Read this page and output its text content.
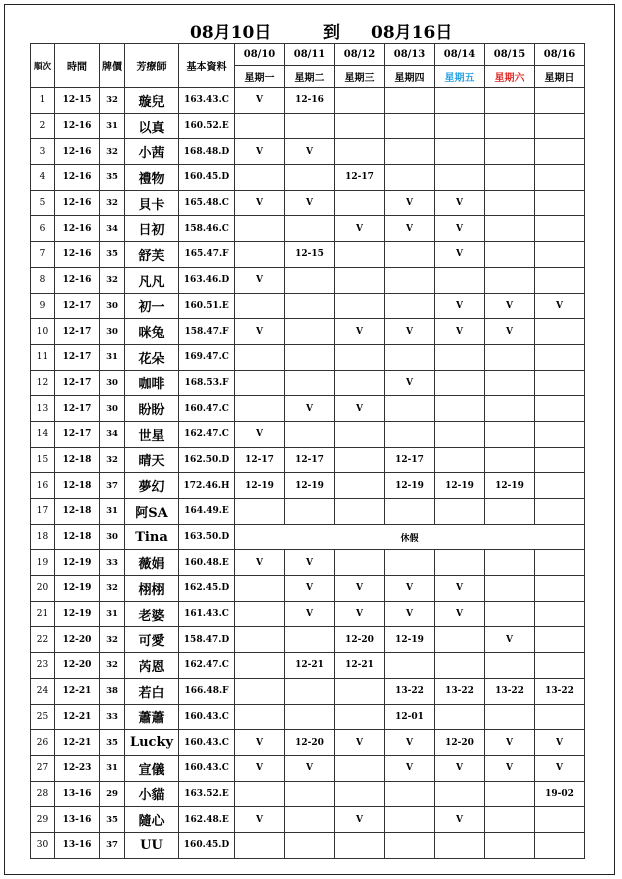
08月10日	到 08月16日
順次	時間	牌價	芳療師	基本資料	08/10	08/11	08/12	08/13	08/14	08/15	08/16
					星期一	星期二	星期三	星期四	星期五	星期六	星期日
1	12-15	32	璇兒	163.43.C	V	12-16					
2	12-16	31	以真	160.52.E							
3	12-16	32	小茜	168.48.D	V	V					
4	12-16	35	禮物	160.45.D			12-17				
5	12-16	32	貝卡	165.48.C	V	V		V	V		
6	12-16	34	日初	158.46.C			V	V	V		
7	12-16	35	舒芙	165.47.F		12-15			V		
8	12-16	32	凡凡	163.46.D	V						
9	12-17	30	初一	160.51.E					V	V	V
10	12-17	30	咪兔	158.47.F	V		V	V	V	V	
11	12-17	31	花朵	169.47.C							
12	12-17	30	咖啡	168.53.F				V			
13	12-17	30	盼盼	160.47.C		V	V				
14	12-17	34	世星	162.47.C	V						
15	12-18	32	晴天	162.50.D	12-17	12-17		12-17			
16	12-18	37	夢幻	172.46.H	12-19	12-19		12-19	12-19	12-19	
17	12-18	31	阿SA	164.49.E							
18	12-18	30	Tina	163.50.D	休假						
19	12-19	33	薇娟	160.48.E	V	V					
20	12-19	32	栩栩	162.45.D		V	V	V	V		
21	12-19	31	老婆	161.43.C		V	V	V	V		
22	12-20	32	可愛	158.47.D			12-20	12-19		V	
23	12-20	32	芮恩	162.47.C		12-21	12-21				
24	12-21	38	若白	166.48.F				13-22	13-22	13-22	13-22
25	12-21	33	蕭蕭	160.43.C				12-01			
26	12-21	35	Lucky	160.43.C	V	12-20	V	V	12-20	V	V
27	12-23	31	宣儀	160.43.C	V	V		V	V	V	V
28	13-16	29	小貓	163.52.E							19-02
29	13-16	35	隨心	162.48.E	V		V		V		
30	13-16	37	UU	160.45.D							
